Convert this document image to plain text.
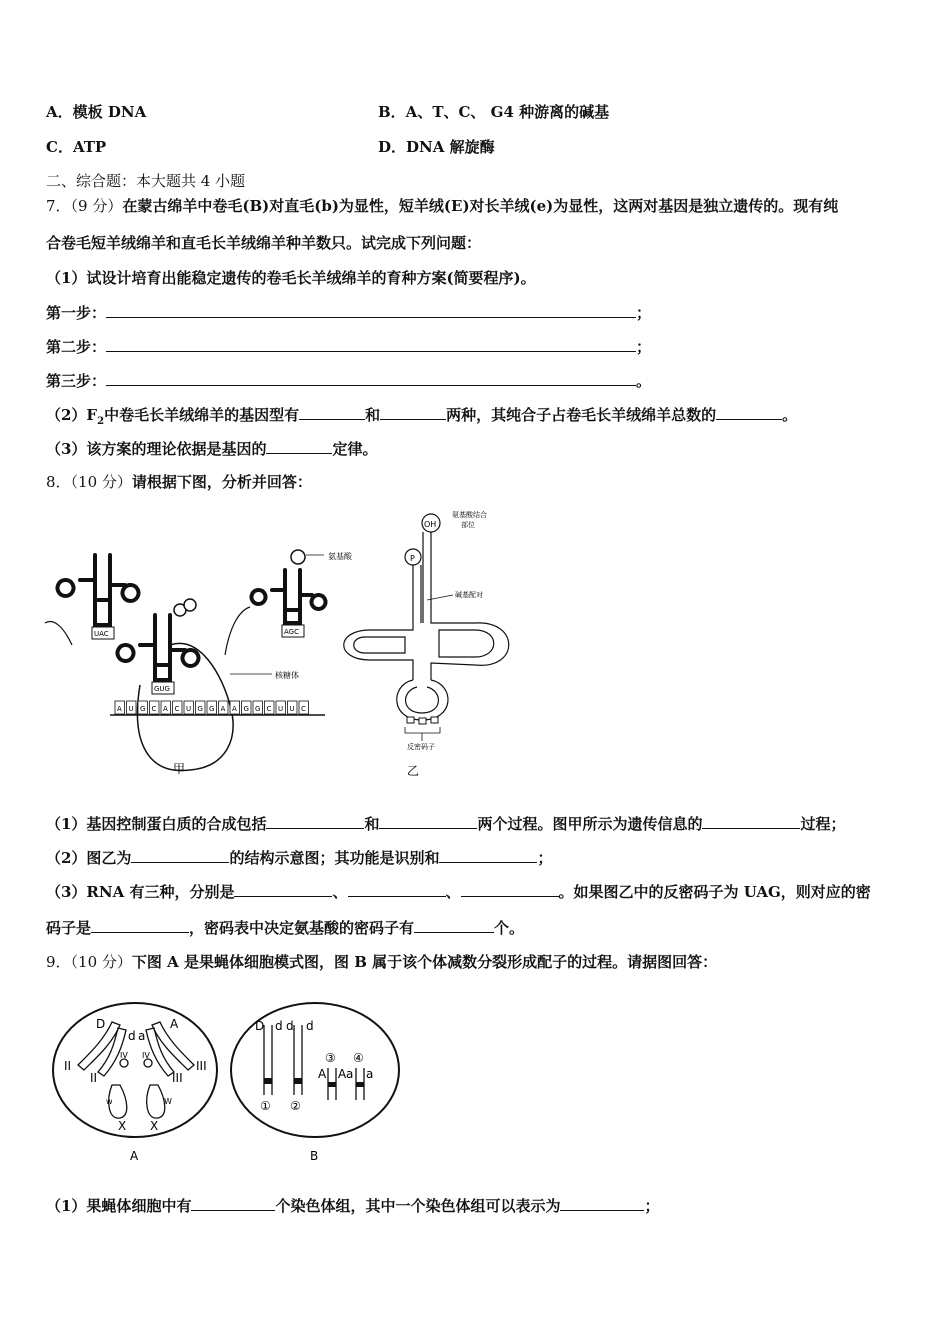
A．模板 DNA	B．A、T、C、 G4 种游离的碱基
C．ATP	D．DNA 解旋酶
二、综合题：本大题共 4 小题
7．（9 分）在蒙古绵羊中卷毛(B)对直毛(b)为显性，短羊绒(E)对长羊绒(e)为显性，这两对基因是独立遗传的。现有纯
合卷毛短羊绒绵羊和直毛长羊绒绵羊种羊数只。试完成下列问题：
（1）试设计培育出能稳定遗传的卷毛长羊绒绵羊的育种方案(简要程序)。
第一步：	；
第二步：	；
第三步：	。
$(2)F_2$中卷毛长羊绒绵羊的基因型有	和	两种，其纯合子占卷毛长羊绒绵羊总数的	。
（3）该方案的理论依据是基因的	定律。
8．（10 分）请根据下图，分析并回答：
氨基酸
UAC
GUG
AGC
核糖体
A U G C A C U G G A A G G C U U C
甲
OH
P
氨基酸结合
部位
碱基配对
反密码子
乙
（1）基因控制蛋白质的合成包括	和	两个过程。图甲所示为遗传信息的	过程；
（2）图乙为	的结构示意图；其功能是识别和	；
（3）RNA 有三种，分别是	、	、	。如果图乙中的反密码子为 UAG，则对应的密
码子是	，密码表中决定氨基酸的密码子有	个。
9．（10 分）下图 A 是果蝇体细胞模式图，图 B 属于该个体减数分裂形成配子的过程。请据图回答：
D
d a
A
II
II
IV IV
III
III
w	W
X X
A
D d d d
① ②
③ ④
A A a a
B
（1）果蝇体细胞中有	个染色体组，其中一个染色体组可以表示为	；
